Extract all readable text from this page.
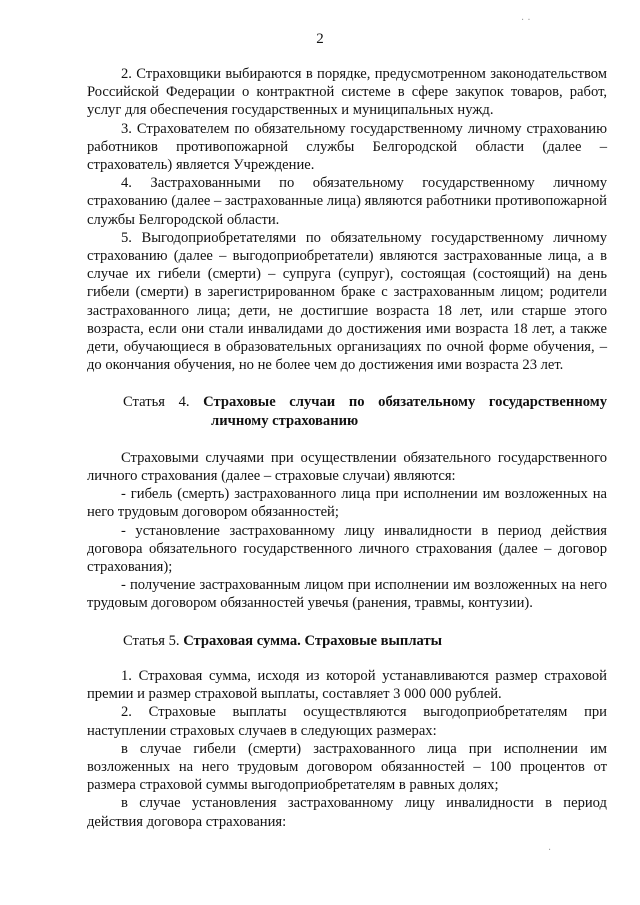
· ·
·
2

2. Страховщики выбираются в порядке, предусмотренном законодательством Российской Федерации о контрактной системе в сфере закупок товаров, работ, услуг для обеспечения государственных и муниципальных нужд.

3. Страхователем по обязательному государственному личному страхованию работников противопожарной службы Белгородской области (далее – страхователь) является Учреждение.

4. Застрахованными по обязательному государственному личному страхованию (далее – застрахованные лица) являются работники противопожарной службы Белгородской области.

5. Выгодоприобретателями по обязательному государственному личному страхованию (далее – выгодоприобретатели) являются застрахованные лица, а в случае их гибели (смерти) – супруга (супруг), состоящая (состоящий) на день гибели (смерти) в зарегистрированном браке с застрахованным лицом; родители застрахованного лица; дети, не достигшие возраста 18 лет, или старше этого возраста, если они стали инвалидами до достижения ими возраста 18 лет, а также дети, обучающиеся в образовательных организациях по очной форме обучения, – до окончания обучения, но не более чем до достижения ими возраста 23 лет.

Статья 4. Страховые случаи по обязательному государственному личному страхованию

Страховыми случаями при осуществлении обязательного государственного личного страхования (далее – страховые случаи) являются:

- гибель (смерть) застрахованного лица при исполнении им возложенных на него трудовым договором обязанностей;

- установление застрахованному лицу инвалидности в период действия договора обязательного государственного личного страхования (далее – договор страхования);

- получение застрахованным лицом при исполнении им возложенных на него трудовым договором обязанностей увечья (ранения, травмы, контузии).

Статья 5. Страховая сумма. Страховые выплаты

1. Страховая сумма, исходя из которой устанавливаются размер страховой премии и размер страховой выплаты, составляет 3 000 000 рублей.

2. Страховые выплаты осуществляются выгодоприобретателям при наступлении страховых случаев в следующих размерах:

в случае гибели (смерти) застрахованного лица при исполнении им возложенных на него трудовым договором обязанностей – 100 процентов от размера страховой суммы выгодоприобретателям в равных долях;

в случае установления застрахованному лицу инвалидности в период действия договора страхования:
